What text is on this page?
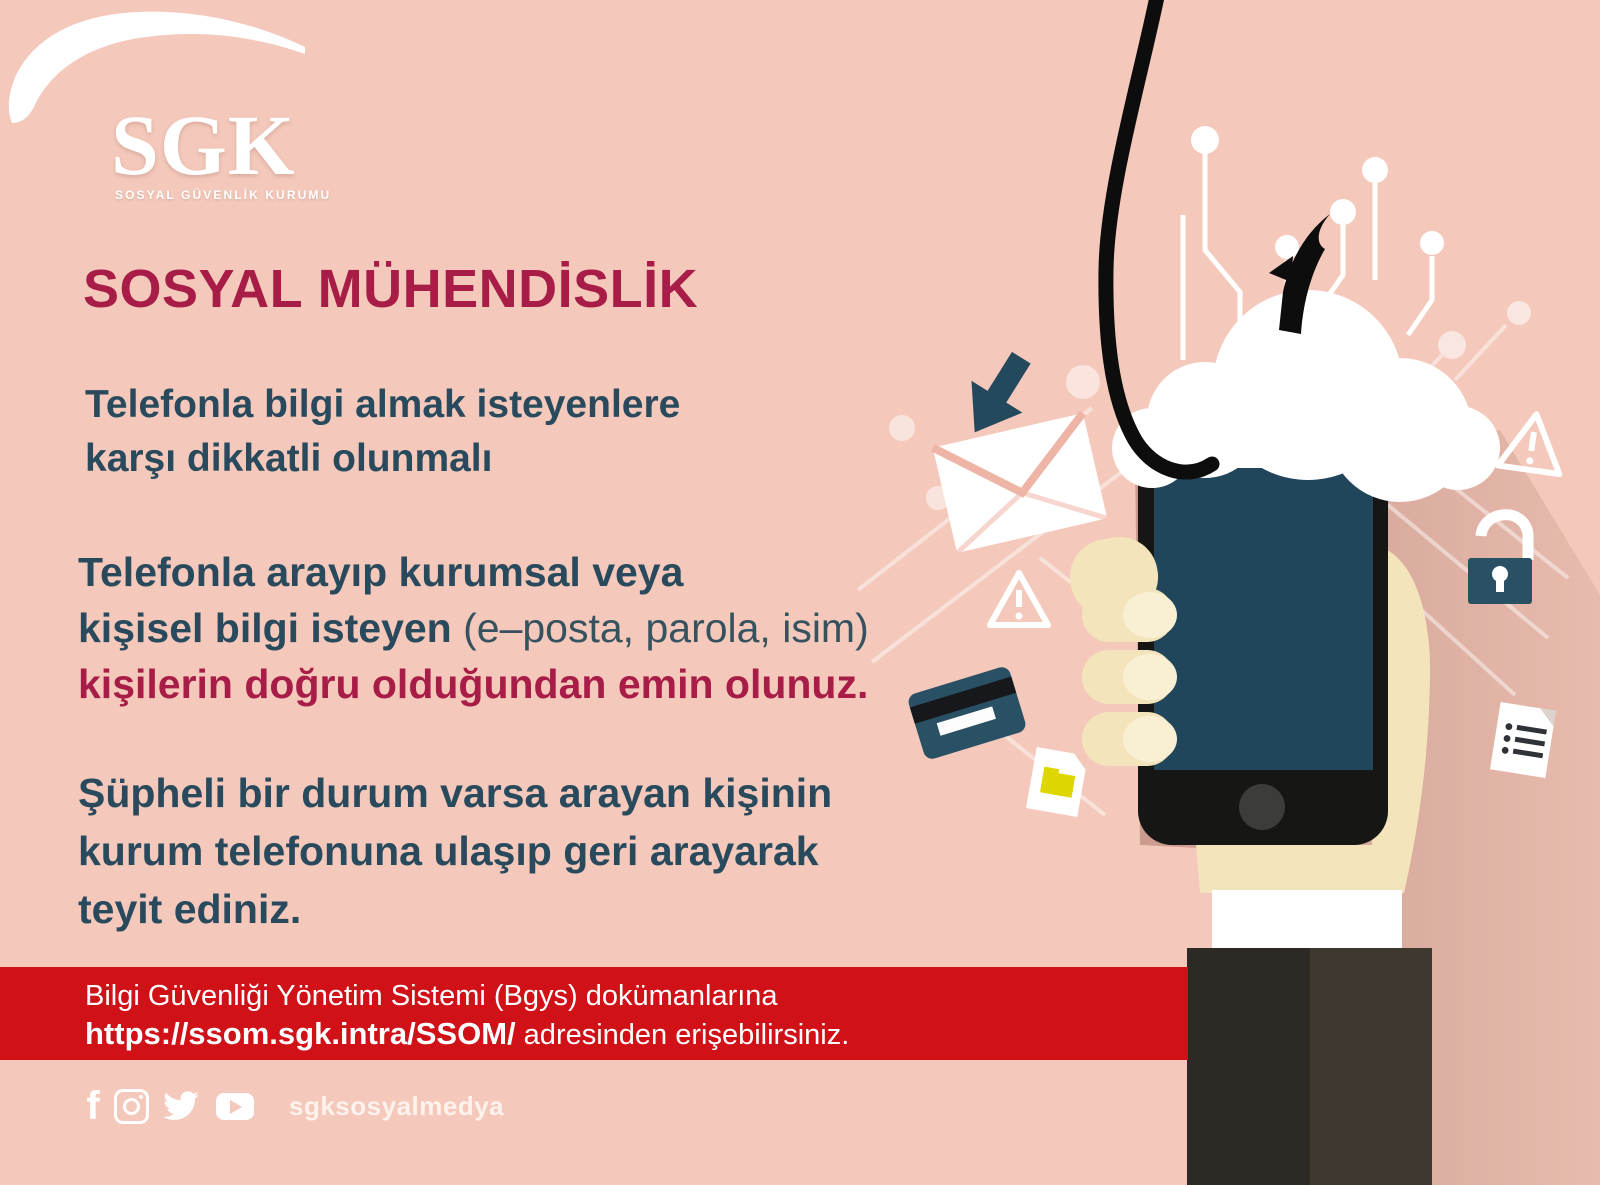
SGK
SOSYAL GÜVENLİK KURUMU
SOSYAL MÜHENDİSLİK
Telefonla bilgi almak isteyenlere
karşı dikkatli olunmalı
Telefonla arayıp kurumsal veya
kişisel bilgi isteyen (e–posta, parola, isim)
kişilerin doğru olduğundan emin olunuz.
Şüpheli bir durum varsa arayan kişinin
kurum telefonuna ulaşıp geri arayarak
teyit ediniz.
Bilgi Güvenliği Yönetim Sistemi (Bgys) dokümanlarına
https://ssom.sgk.intra/SSOM/ adresinden erişebilirsiniz.
f	sgksosyalmedya
